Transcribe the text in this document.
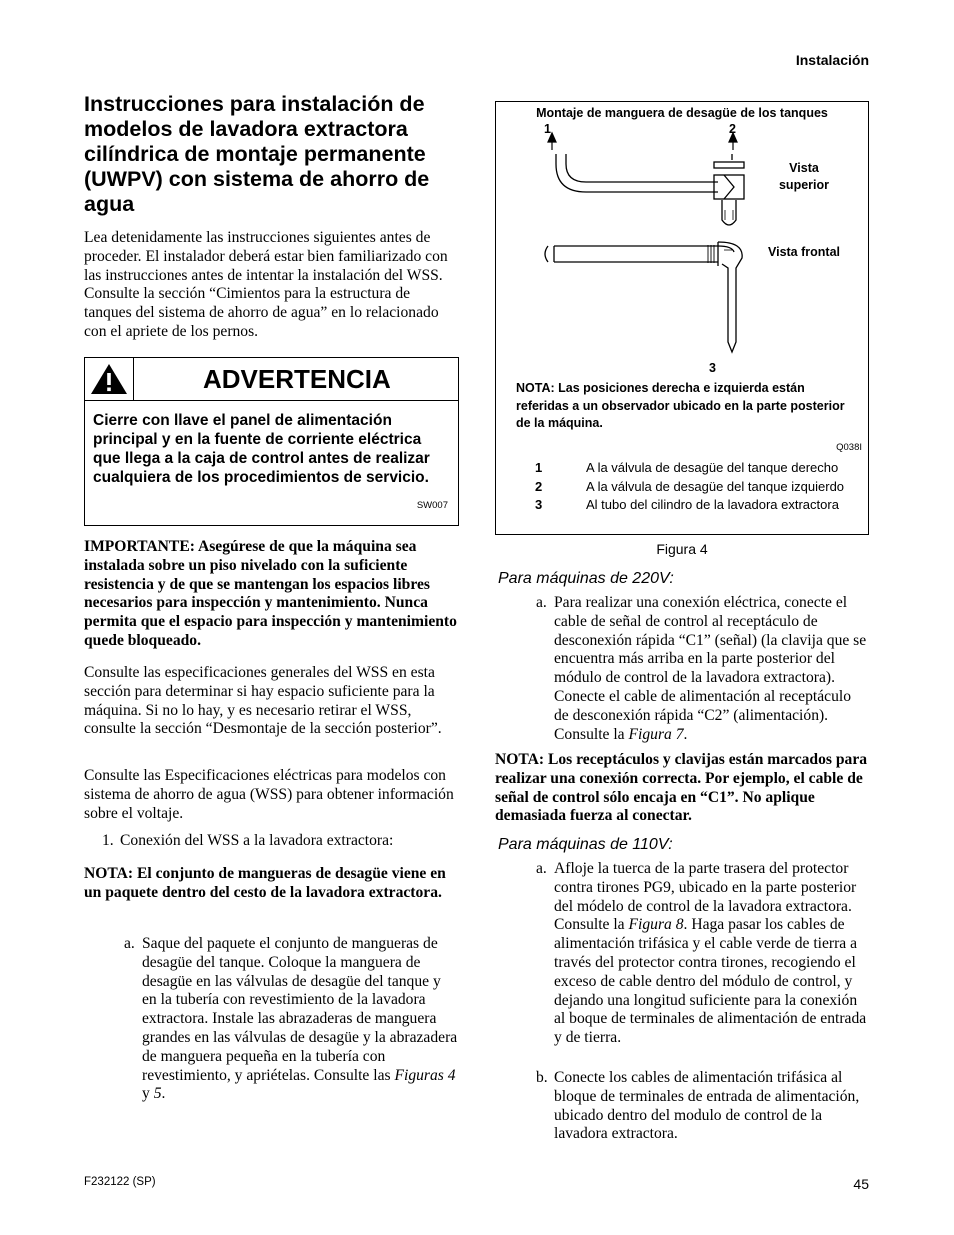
Instalación
Instrucciones para instalación de modelos de lavadora extractora cilíndrica de montaje permanente (UWPV) con sistema de ahorro de agua
Lea detenidamente las instrucciones siguientes antes de proceder. El instalador deberá estar bien familiarizado con las instrucciones antes de intentar la instalación del WSS. Consulte la sección “Cimientos para la estructura de tanques del sistema de ahorro de agua” en lo relacionado con el apriete de los pernos.
ADVERTENCIA
Cierre con llave el panel de alimentación principal y en la fuente de corriente eléctrica que llega a la caja de control antes de realizar cualquiera de los procedimientos de servicio.
SW007
IMPORTANTE: Asegúrese de que la máquina sea instalada sobre un piso nivelado con la suficiente resistencia y de que se mantengan los espacios libres necesarios para inspección y mantenimiento. Nunca permita que el espacio para inspección y mantenimiento quede bloqueado.
Consulte las especificaciones generales del WSS en esta sección para determinar si hay espacio suficiente para la máquina. Si no lo hay, y es necesario retirar el WSS, consulte la sección “Desmontaje de la sección posterior”.
Consulte las Especificaciones eléctricas para modelos con sistema de ahorro de agua (WSS) para obtener información sobre el voltaje.
1. Conexión del WSS a la lavadora extractora:
NOTA: El conjunto de mangueras de desagüe viene en un paquete dentro del cesto de la lavadora extractora.
a. Saque del paquete el conjunto de mangueras de desagüe del tanque. Coloque la manguera de desagüe en las válvulas de desagüe del tanque y en la tubería con revestimiento de la lavadora extractora. Instale las abrazaderas de manguera grandes en las válvulas de desagüe y la abrazadera de manguera pequeña en la tubería con revestimiento, y apriételas. Consulte las Figuras 4 y 5.
Montaje de manguera de desagüe de los tanques
1	2
3
Vista superior
Vista frontal
NOTA: Las posiciones derecha e izquierda están referidas a un observador ubicado en la parte posterior de la máquina.
Q038I
1	A la válvula de desagüe del tanque derecho
2	A la válvula de desagüe del tanque izquierdo
3	Al tubo del cilindro de la lavadora extractora
Figura 4
Para máquinas de 220V:
a. Para realizar una conexión eléctrica, conecte el cable de señal de control al receptáculo de desconexión rápida “C1” (señal) (la clavija que se encuentra más arriba en la parte posterior del módulo de control de la lavadora extractora). Conecte el cable de alimentación al receptáculo de desconexión rápida “C2” (alimentación). Consulte la Figura 7.
NOTA: Los receptáculos y clavijas están marcados para realizar una conexión correcta. Por ejemplo, el cable de señal de control sólo encaja en “C1”. No aplique demasiada fuerza al conectar.
Para máquinas de 110V:
a. Afloje la tuerca de la parte trasera del protector contra tirones PG9, ubicado en la parte posterior del módelo de control de la lavadora extractora. Consulte la Figura 8. Haga pasar los cables de alimentación trifásica y el cable verde de tierra a través del protector contra tirones, recogiendo el exceso de cable dentro del módulo de control, y dejando una longitud suficiente para la conexión al boque de terminales de alimentación de entrada y de tierra.
b. Conecte los cables de alimentación trifásica al bloque de terminales de entrada de alimentación, ubicado dentro del modulo de control de la lavadora extractora.
F232122 (SP)	45
